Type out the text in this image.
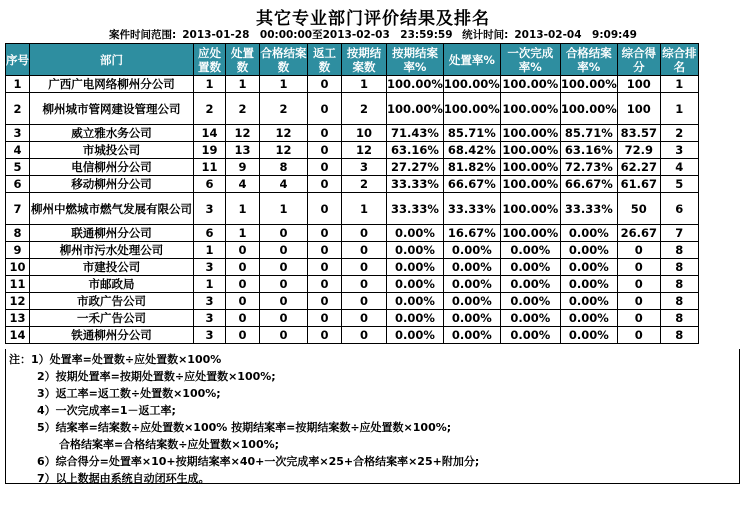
其它专业部门评价结果及排名
案件时间范围: 2013-01-28　00:00:00至2013-02-03　23:59:59 统计时间: 2013-02-04　9:09:49
序号	部门	应处置数	处置数	合格结案数	返工数	按期结案数	按期结案率%	处置率%	一次完成率%	合格结案率%	综合得分	综合排名
1	广西广电网络柳州分公司	1	1	1	0	1	100.00%	100.00%	100.00%	100.00%	100	1
2	柳州城市管网建设管理公司	2	2	2	0	2	100.00%	100.00%	100.00%	100.00%	100	1
3	威立雅水务公司	14	12	12	0	10	71.43%	85.71%	100.00%	85.71%	83.57	2
4	市城投公司	19	13	12	0	12	63.16%	68.42%	100.00%	63.16%	72.9	3
5	电信柳州分公司	11	9	8	0	3	27.27%	81.82%	100.00%	72.73%	62.27	4
6	移动柳州分公司	6	4	4	0	2	33.33%	66.67%	100.00%	66.67%	61.67	5
7	柳州中燃城市燃气发展有限公司	3	1	1	0	1	33.33%	33.33%	100.00%	33.33%	50	6
8	联通柳州分公司	6	1	0	0	0	0.00%	16.67%	100.00%	0.00%	26.67	7
9	柳州市污水处理公司	1	0	0	0	0	0.00%	0.00%	0.00%	0.00%	0	8
10	市建投公司	3	0	0	0	0	0.00%	0.00%	0.00%	0.00%	0	8
11	市邮政局	1	0	0	0	0	0.00%	0.00%	0.00%	0.00%	0	8
12	市政广告公司	3	0	0	0	0	0.00%	0.00%	0.00%	0.00%	0	8
13	一禾广告公司	3	0	0	0	0	0.00%	0.00%	0.00%	0.00%	0	8
14	铁通柳州分公司	3	0	0	0	0	0.00%	0.00%	0.00%	0.00%	0	8
注：1）处置率=处置数÷应处置数×100%
2）按期处置率=按期处置数÷应处置数×100%;
3）返工率=返工数÷处置数×100%;
4）一次完成率=1－返工率;
5）结案率=结案数÷应处置数×100% 按期结案率=按期结案数÷应处置数×100%;
合格结案率=合格结案数÷应处置数×100%;
6）综合得分=处置率×10+按期结案率×40+一次完成率×25+合格结案率×25+附加分;
7）以上数据由系统自动闭环生成。
